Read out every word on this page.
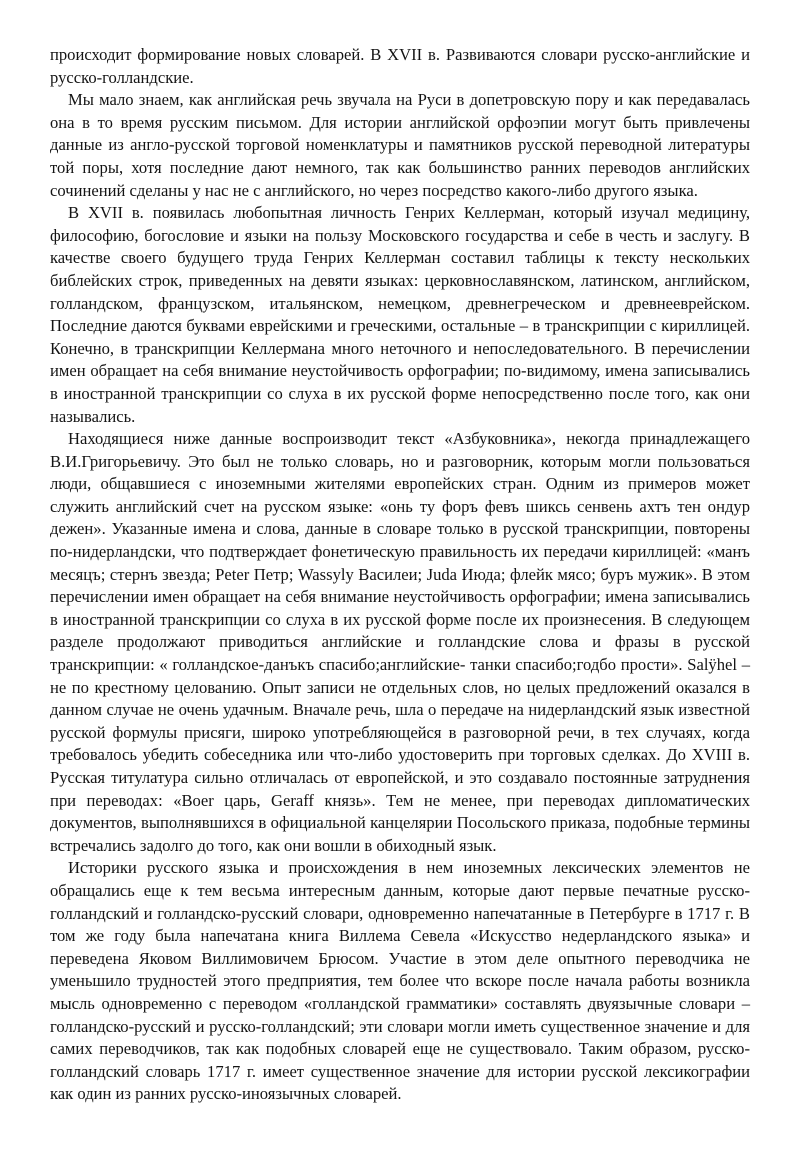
происходит формирование новых словарей. В XVII в. Развиваются словари русско-английские и русско-голландские.

Мы мало знаем, как английская речь звучала на Руси в допетровскую пору и как передавалась она в то время русским письмом. Для истории английской орфоэпии могут быть привлечены данные из англо-русской торговой номенклатуры и памятников русской переводной литературы той поры, хотя последние дают немного, так как большинство ранних переводов английских сочинений сделаны у нас не с английского, но через посредство какого-либо другого языка.

В XVII в. появилась любопытная личность Генрих Келлерман, который изучал медицину, философию, богословие и языки на пользу Московского государства и себе в честь и заслугу. В качестве своего будущего труда Генрих Келлерман составил таблицы к тексту нескольких библейских строк, приведенных на девяти языках: церковнославянском, латинском, английском, голландском, французском, итальянском, немецком, древнегреческом и древнееврейском. Последние даются буквами еврейскими и греческими, остальные – в транскрипции с кириллицей. Конечно, в транскрипции Келлермана много неточного и непоследовательного. В перечислении имен обращает на себя внимание неустойчивость орфографии; по-видимому, имена записывались в иностранной транскрипции со слуха в их русской форме непосредственно после того, как они назывались.

Находящиеся ниже данные воспроизводит текст «Азбуковника», некогда принадлежащего В.И.Григорьевичу. Это был не только словарь, но и разговорник, которым могли пользоваться люди, общавшиеся с иноземными жителями европейских стран. Одним из примеров может служить английский счет на русском языке: «онь ту форъ февъ шиксь сенвень ахтъ тен ондур дежен». Указанные имена и слова, данные в словаре только в русской транскрипции, повторены по-нидерландски, что подтверждает фонетическую правильность их передачи кириллицей: «манъ месяцъ; стернъ звезда; Peter Петр; Wassyly Василеи; Juda Июда; флейк мясо; буръ мужик». В этом перечислении имен обращает на себя внимание неустойчивость орфографии; имена записывались в иностранной транскрипции со слуха в их русской форме после их произнесения. В следующем разделе продолжают приводиться английские и голландские слова и фразы в русской транскрипции: « голландское-данъкъ спасибо;английские- танки спасибо;годбо прости». Salÿhel – не по крестному целованию. Опыт записи не отдельных слов, но целых предложений оказался в данном случае не очень удачным. Вначале речь, шла о передаче на нидерландский язык известной русской формулы присяги, широко употребляющейся в разговорной речи, в тех случаях, когда требовалось убедить собеседника или что-либо удостоверить при торговых сделках. До XVIII в. Русская титулатура сильно отличалась от европейской, и это создавало постоянные затруднения при переводах: «Boer царь, Geraff князь». Тем не менее, при переводах дипломатических документов, выполнявшихся в официальной канцелярии Посольского приказа, подобные термины встречались задолго до того, как они вошли в обиходный язык.

Историки русского языка и происхождения в нем иноземных лексических элементов не обращались еще к тем весьма интересным данным, которые дают первые печатные русско-голландский и голландско-русский словари, одновременно напечатанные в Петербурге в 1717 г. В том же году была напечатана книга Виллема Севела «Искусство недерландского языка» и переведена Яковом Виллимовичем Брюсом. Участие в этом деле опытного переводчика не уменьшило трудностей этого предприятия, тем более что вскоре после начала работы возникла мысль одновременно с переводом «голландской грамматики» составлять двуязычные словари – голландско-русский и русско-голландский; эти словари могли иметь существенное значение и для самих переводчиков, так как подобных словарей еще не существовало. Таким образом, русско-голландский словарь 1717 г. имеет существенное значение для истории русской лексикографии как один из ранних русско-иноязычных словарей.
